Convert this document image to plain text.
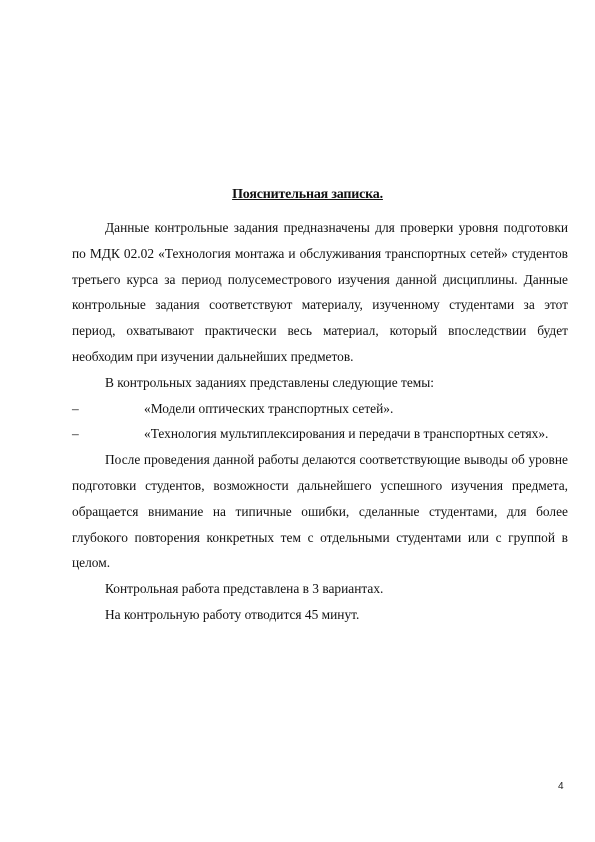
Пояснительная записка.

Данные контрольные задания предназначены для проверки уровня подготовки по МДК 02.02 «Технология монтажа и обслуживания транспортных сетей» студентов третьего курса за период полусеместрового изучения данной дисциплины. Данные контрольные задания соответствуют материалу, изученному студентами за этот период, охватывают практически весь материал, который впоследствии будет необходим при изучении дальнейших предметов.

В контрольных заданиях представлены следующие темы:

–	«Модели оптических транспортных сетей».
–	«Технология мультиплексирования и передачи в транспортных сетях».

После проведения данной работы делаются соответствующие выводы об уровне подготовки студентов, возможности дальнейшего успешного изучения предмета, обращается внимание на типичные ошибки, сделанные студентами, для более глубокого повторения конкретных тем с отдельными студентами или с группой в целом.

Контрольная работа представлена в 3 вариантах.

На контрольную работу отводится 45 минут.

4
